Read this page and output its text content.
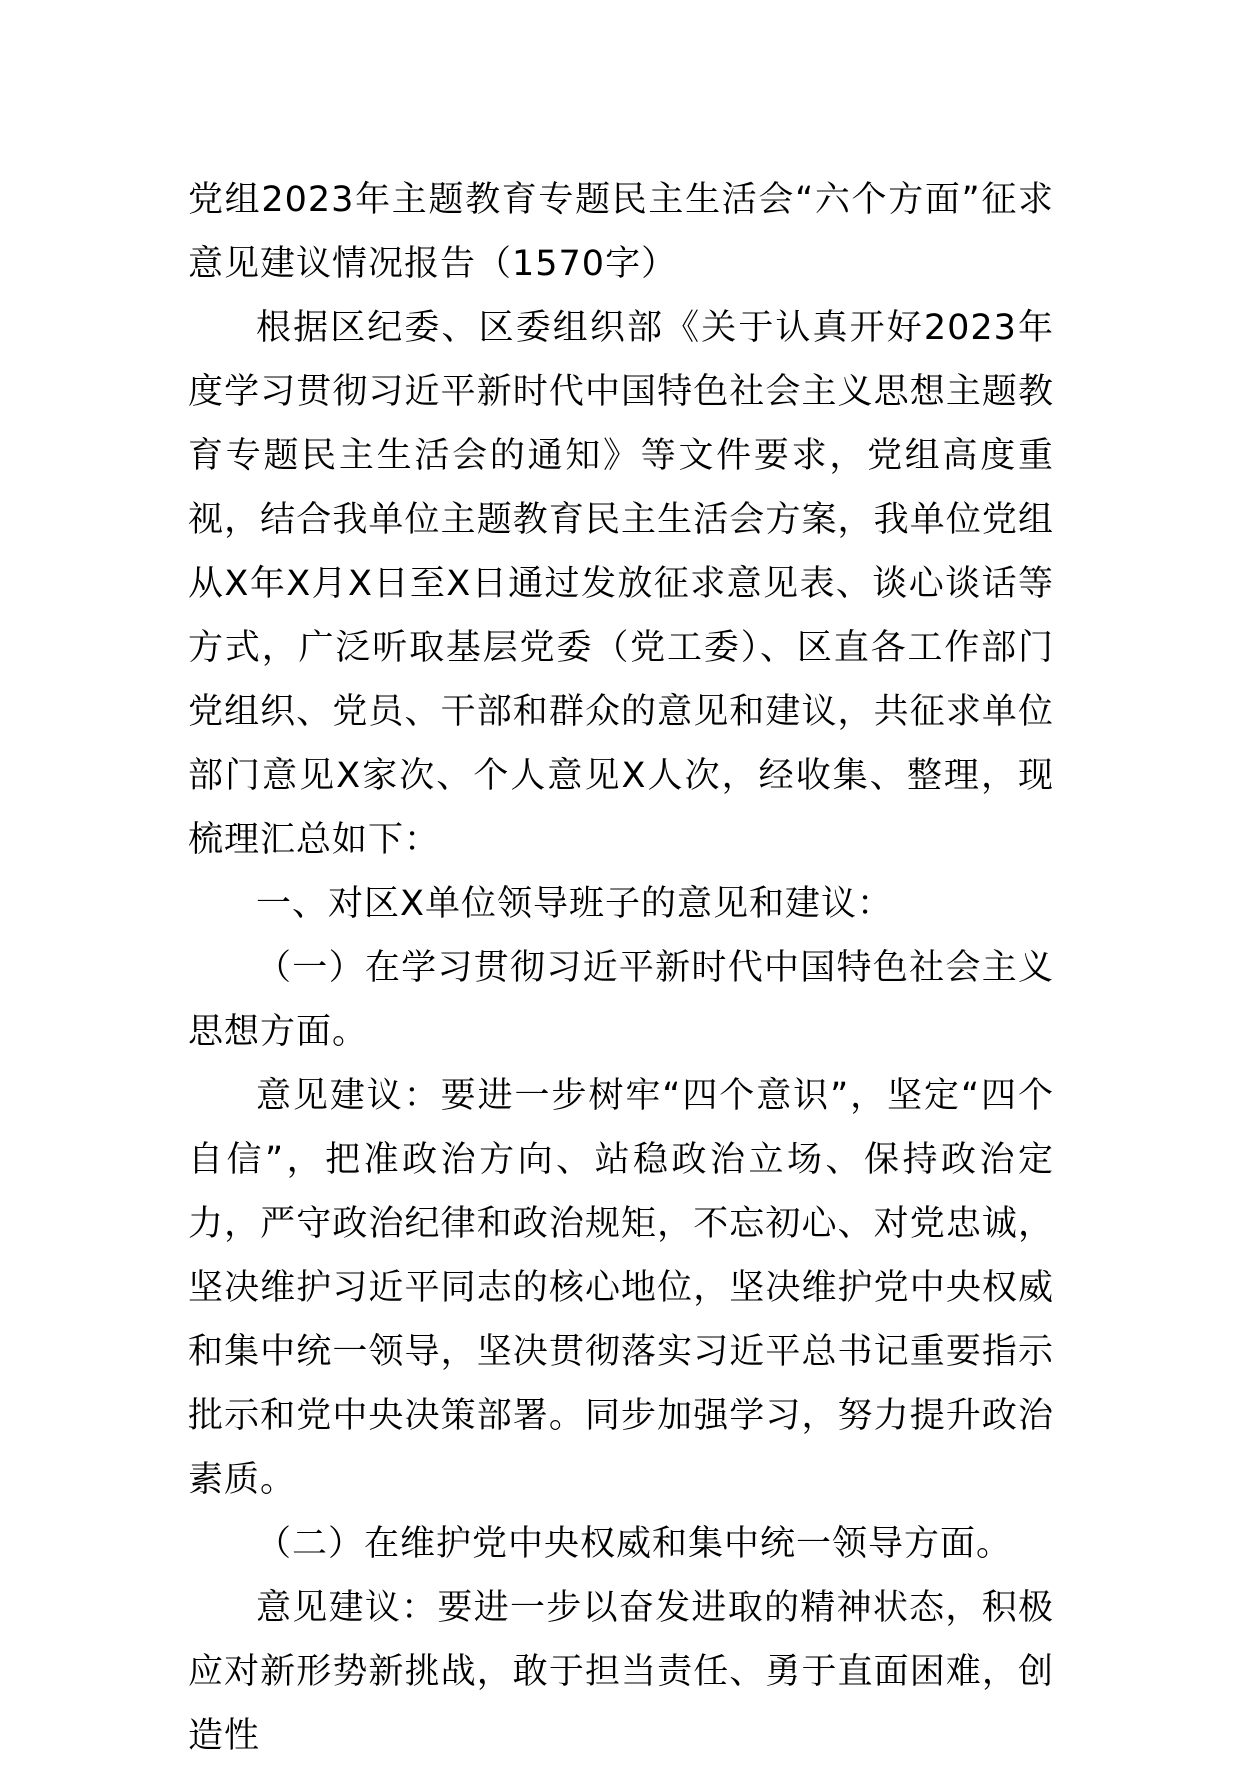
党组2023年主题教育专题民主生活会“六个方面”征求意见建议情况报告（1570字）

根据区纪委、区委组织部《关于认真开好2023年度学习贯彻习近平新时代中国特色社会主义思想主题教育专题民主生活会的通知》等文件要求，党组高度重视，结合我单位主题教育民主生活会方案，我单位党组从X年X月X日至X日通过发放征求意见表、谈心谈话等方式，广泛听取基层党委（党工委）、区直各工作部门党组织、党员、干部和群众的意见和建议，共征求单位部门意见X家次、个人意见X人次，经收集、整理，现梳理汇总如下：

一、对区X单位领导班子的意见和建议：

（一）在学习贯彻习近平新时代中国特色社会主义思想方面。

意见建议：要进一步树牢“四个意识”，坚定“四个自信”，把准政治方向、站稳政治立场、保持政治定力，严守政治纪律和政治规矩，不忘初心、对党忠诚，坚决维护习近平同志的核心地位，坚决维护党中央权威和集中统一领导，坚决贯彻落实习近平总书记重要指示批示和党中央决策部署。同步加强学习，努力提升政治素质。

（二）在维护党中央权威和集中统一领导方面。

意见建议：要进一步以奋发进取的精神状态，积极应对新形势新挑战，敢于担当责任、勇于直面困难，创造性
